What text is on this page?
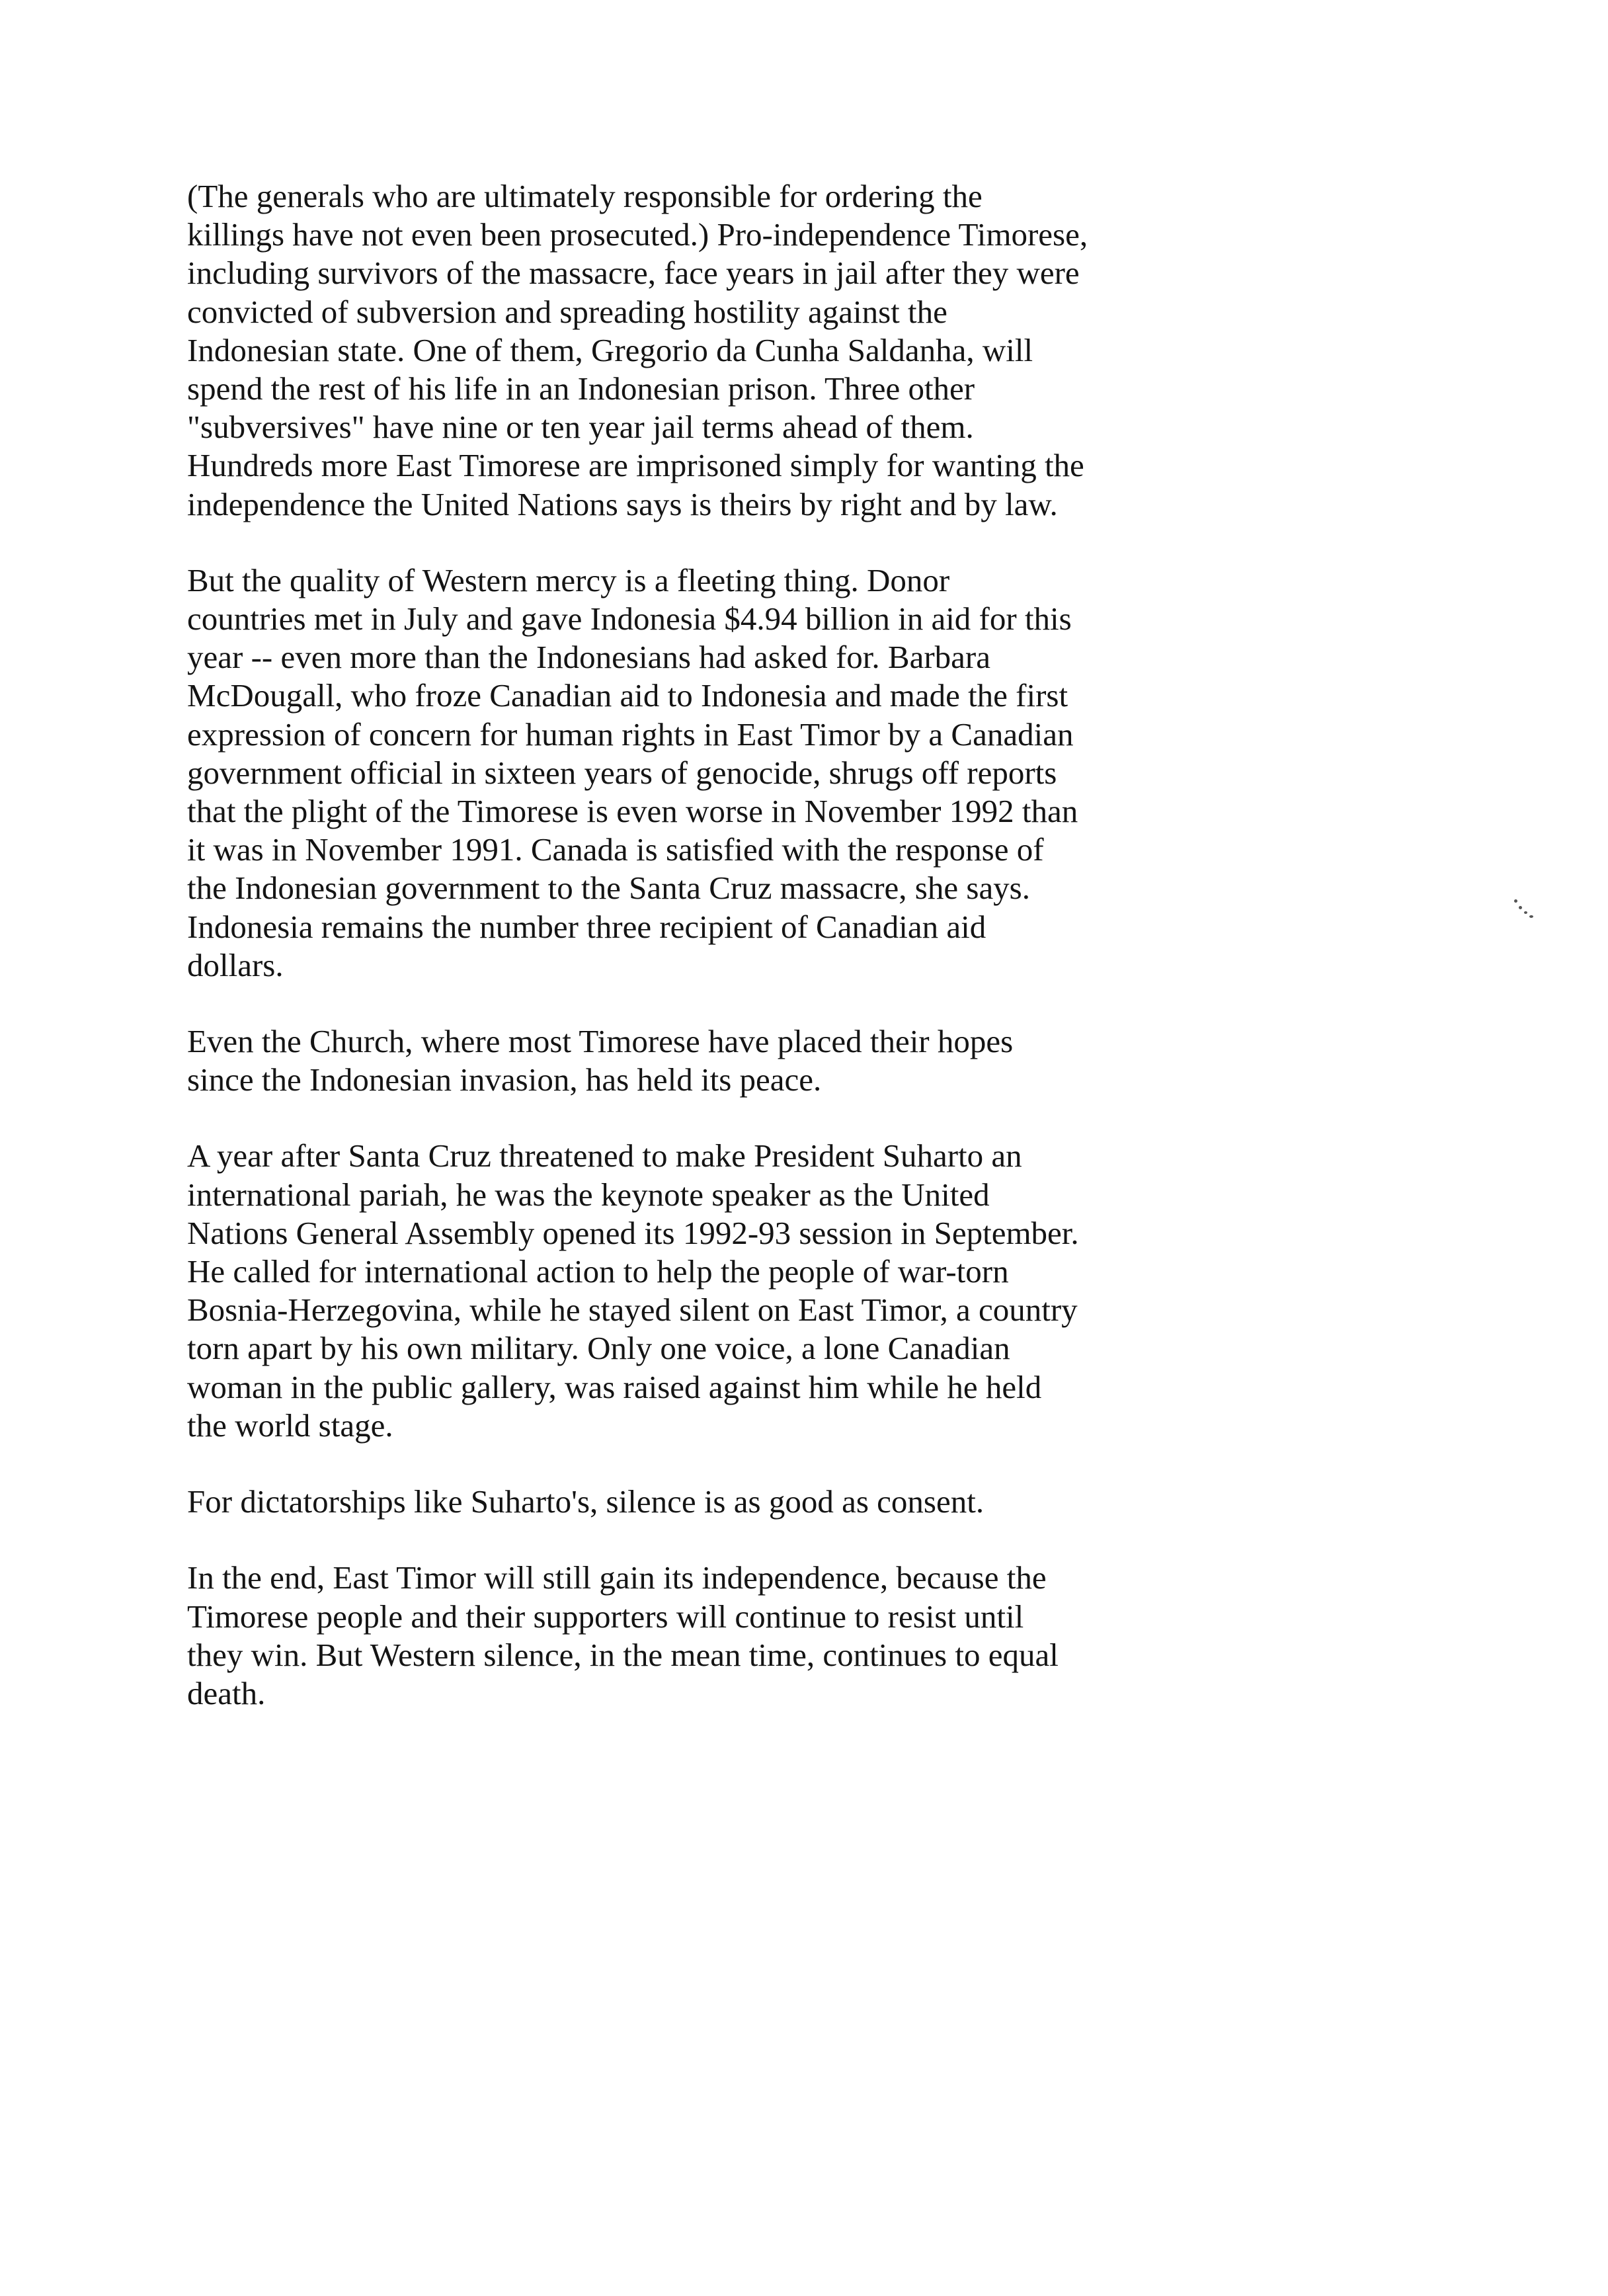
(The generals who are ultimately responsible for ordering the
killings have not even been prosecuted.) Pro-independence Timorese,
including survivors of the massacre, face years in jail after they were
convicted of subversion and spreading hostility against the
Indonesian state. One of them, Gregorio da Cunha Saldanha, will
spend the rest of his life in an Indonesian prison. Three other
"subversives" have nine or ten year jail terms ahead of them.
Hundreds more East Timorese are imprisoned simply for wanting the
independence the United Nations says is theirs by right and by law.

But the quality of Western mercy is a fleeting thing. Donor
countries met in July and gave Indonesia $4.94 billion in aid for this
year -- even more than the Indonesians had asked for. Barbara
McDougall, who froze Canadian aid to Indonesia and made the first
expression of concern for human rights in East Timor by a Canadian
government official in sixteen years of genocide, shrugs off reports
that the plight of the Timorese is even worse in November 1992 than
it was in November 1991. Canada is satisfied with the response of
the Indonesian government to the Santa Cruz massacre, she says.
Indonesia remains the number three recipient of Canadian aid
dollars.

Even the Church, where most Timorese have placed their hopes
since the Indonesian invasion, has held its peace.

A year after Santa Cruz threatened to make President Suharto an
international pariah, he was the keynote speaker as the United
Nations General Assembly opened its 1992-93 session in September.
He called for international action to help the people of war-torn
Bosnia-Herzegovina, while he stayed silent on East Timor, a country
torn apart by his own military. Only one voice, a lone Canadian
woman in the public gallery, was raised against him while he held
the world stage.

For dictatorships like Suharto's, silence is as good as consent.

In the end, East Timor will still gain its independence, because the
Timorese people and their supporters will continue to resist until
they win. But Western silence, in the mean time, continues to equal
death.
